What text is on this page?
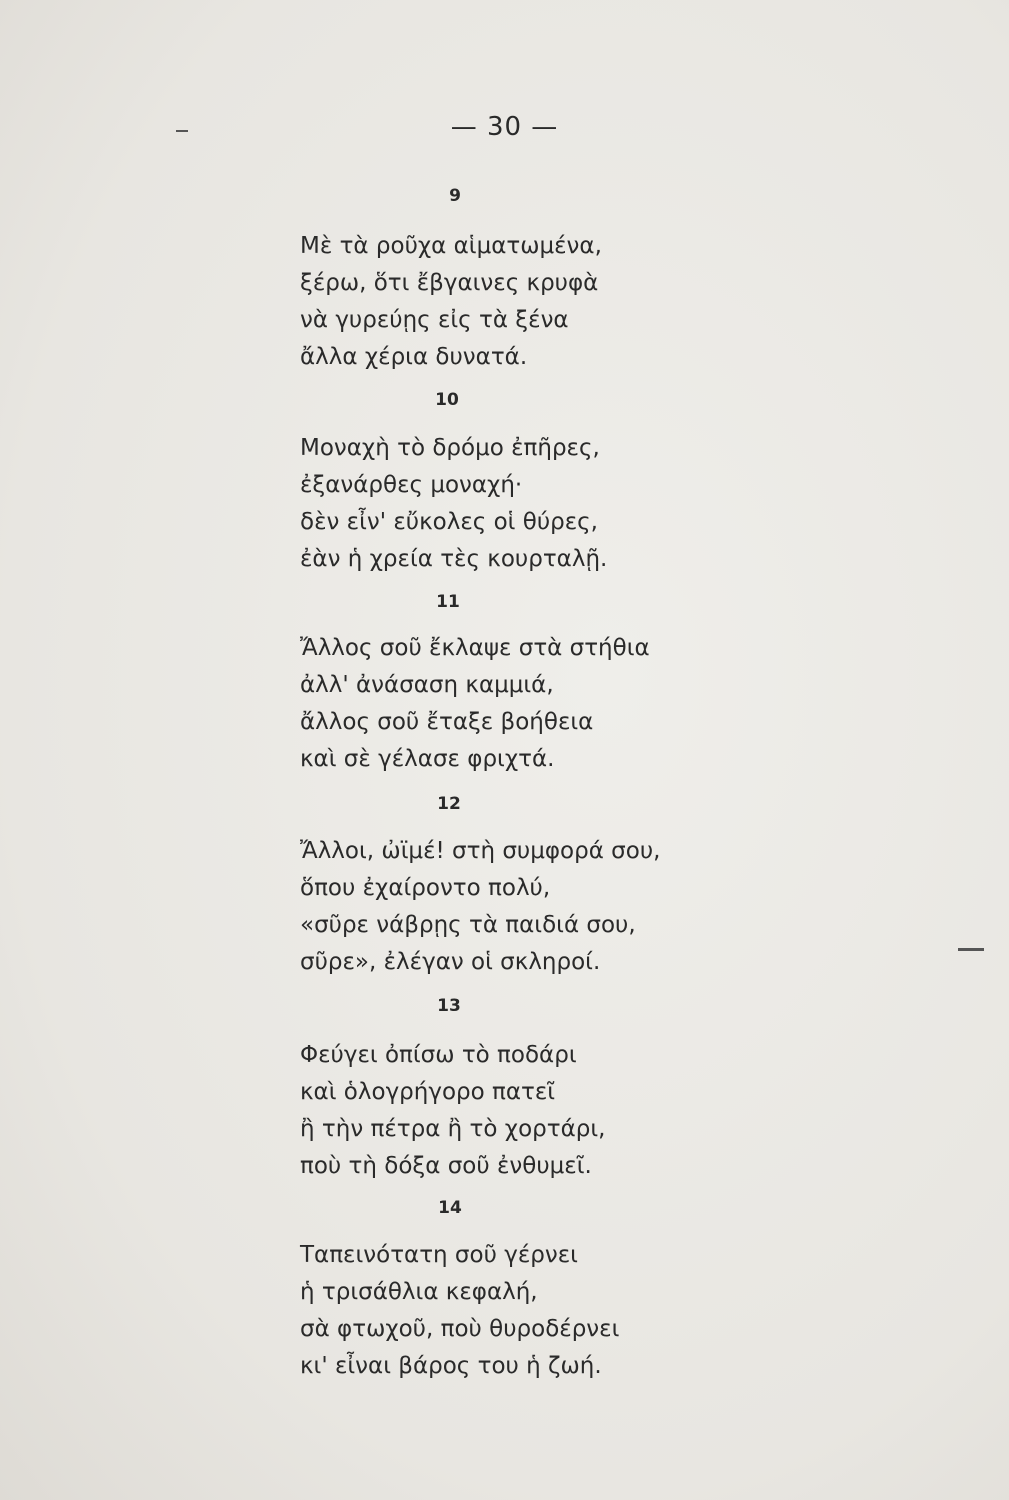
— 30 —
9
Μὲ τὰ ροῦχα αἱματωμένα,
ξέρω, ὅτι ἔβγαινες κρυφὰ
νὰ γυρεύῃς εἰς τὰ ξένα
ἄλλα χέρια δυνατά.
10
Μοναχὴ τὸ δρόμο ἐπῆρες,
ἐξανάρθες μοναχή·
δὲν εἶν' εὔκολες οἱ θύρες,
ἐὰν ἡ χρεία τὲς κουρταλῇ.
11
Ἄλλος σοῦ ἔκλαψε στὰ στήθια
ἀλλ' ἀνάσαση καμμιά,
ἄλλος σοῦ ἔταξε βοήθεια
καὶ σὲ γέλασε φριχτά.
12
Ἄλλοι, ὠϊμέ! στὴ συμφορά σου,
ὅπου ἐχαίροντο πολύ,
«σῦρε νάβρῃς τὰ παιδιά σου,
σῦρε», ἐλέγαν οἱ σκληροί.
13
Φεύγει ὀπίσω τὸ ποδάρι
καὶ ὁλογρήγορο πατεῖ
ἢ τὴν πέτρα ἢ τὸ χορτάρι,
ποὺ τὴ δόξα σοῦ ἐνθυμεῖ.
14
Ταπεινότατη σοῦ γέρνει
ἡ τρισάθλια κεφαλή,
σὰ φτωχοῦ, ποὺ θυροδέρνει
κι' εἶναι βάρος του ἡ ζωή.
